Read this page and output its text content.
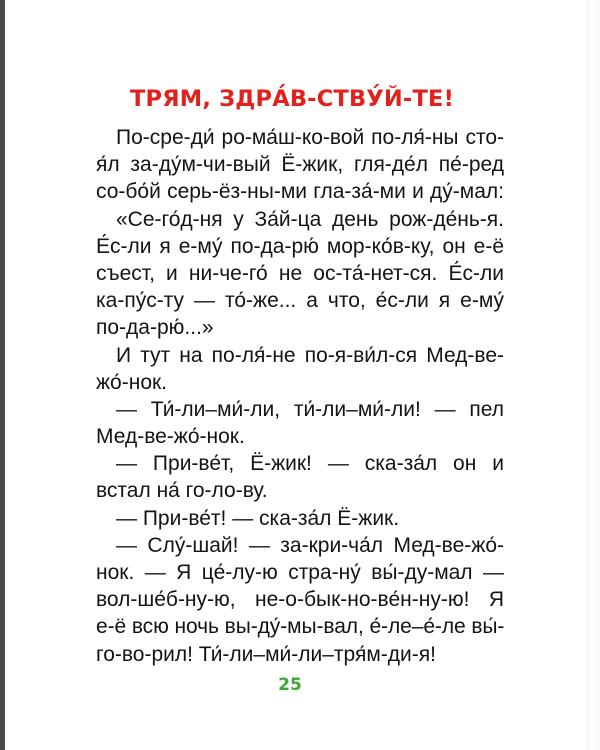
ТРЯМ, ЗДРА́В-СТВУ́Й-ТЕ!
По-сре-ди́ ро-ма́ш-ко-вой по-ля́-ны сто-
я́л за-ду́м-чи-вый Ё-жик, гля-де́л пе́-ред
со-бо́й серь-ёз-ны-ми гла-за́-ми и ду́-мал:
«Се-го́д-ня у За́й-ца день рож-де́нь-я.
Е́с-ли я е-му́ по-да-рю́ мор-ко́в-ку, он е-ё
съест, и ни-че-го́ не ос-та́-нет-ся. Е́с-ли
ка-пу́с-ту — то́-же... а что, е́с-ли я е-му́
по-да-рю́...»
И тут на по-ля́-не по-я-ви́л-ся Мед-ве-
жо́-нок.
— Ти́-ли–ми́-ли, ти́-ли–ми́-ли! — пел
Мед-ве-жо́-нок.
— При-ве́т, Ё-жик! — ска-за́л он и
встал на́ го-ло-ву.
— При-ве́т! — ска-за́л Ё-жик.
— Слу́-шай! — за-кри-ча́л Мед-ве-жо́-
нок. — Я це́-лу-ю стра-ну́ вы́-ду-мал —
вол-ше́б-ну-ю, не-о-бык-но-ве́н-ну-ю! Я
е-ё всю ночь вы-ду́-мы-вал, е́-ле–е́-ле вы́-
го-во-рил! Ти́-ли–ми́-ли–тря́м-ди-я!
25
